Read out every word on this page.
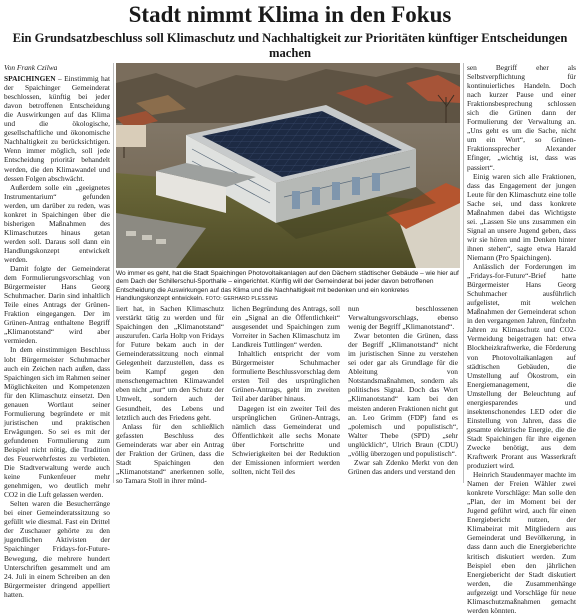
Stadt nimmt Klima in den Fokus
Ein Grundsatzbeschluss soll Klimaschutz und Nachhaltigkeit zur Prioritäten künftiger Entscheidungen machen
Von Frank Czilwa

SPAICHINGEN – Einstimmig hat der Spaichinger Gemeinderat beschlossen, künftig bei jeder davon betroffenen Entscheidung die Auswirkungen auf das Klima und die ökologische, gesellschaftliche und ökonomische Nachhaltigkeit zu berücksichtigen. Wenn immer möglich, soll jede Entscheidung prioritär behandelt werden, die den Klimawandel und dessen Folgen abschwächt.

Außerdem solle ein „geeignetes Instrumentarium“ gefunden werden, um darüber zu reden, was konkret in Spaichingen über die bisherigen Maßnahmen des Klimaschutzes hinaus getan werden soll. Daraus soll dann ein Handlungskonzept entwickelt werden.

Damit folgte der Gemeinderat dem Formulierungsvorschlag von Bürgermeister Hans Georg Schuhmacher. Darin sind inhaltlich Teile eines Antrags der Grünen-Fraktion eingegangen. Der im Grünen-Antrag enthaltene Begriff „Klimanotstand“ wird aber vermieden.

In dem einstimmigen Beschluss lobt Bürgermeister Schuhmacher auch ein Zeichen nach außen, dass Spaichingen sich im Rahmen seiner Möglichkeiten und Kompetenzen für den Klimaschutz einsetzt. Den genauen Wortlaut seiner Formulierung begründete er mit juristischen und praktischen Erwägungen. So sei es mit der gefundenen Formulierung zum Beispiel nicht nötig, die Tradition des Feuerwehrfestes zu verbieten. Die Stadtverwaltung werde auch keine Funkenfeuer mehr genehmigen, wo deutlich mehr CO2 in die Luft gelassen werden.

Selten waren die Besucherränge bei einer Gemeinderatssitzung so gefüllt wie diesmal. Fast ein Drittel der Zuschauer gehörte zu den jugendlichen Aktivisten der Spaichinger Fridays-for-Future-Bewegung, die mehrere hundert Unterschriften gesammelt und am 24. Juli in einem Schreiben an den Bürgermeister dringend appelliert hatten.

Wo immer es geht, hat die Stadt Spaichingen Photovoltaikanlagen auf den Dächern städtischer Gebäude – wie hier auf dem Dach der Schillerschul-Sporthalle – eingerichtet. Künftig will der Gemeinderat bei jeder davon betroffenen Entscheidung die Auswirkungen auf das Klima und die Nachhaltigkeit mit bedenken und ein konkretes Handlungskonzept entwickeln. FOTO: GERHARD PLESSING

liert hat, in Sachen Klimaschutz verstärkt tätig zu werden und für Spaichingen den „Klimanotstand“ auszurufen. Carla Holtp von Fridays for Future bekam auch in der Gemeinderatssitzung noch einmal Gelegenheit darzustellen, dass es beim Kampf gegen den menschengemachten Klimawandel eben nicht „nur“ um den Schutz der Umwelt, sondern auch der Gesundheit, des Lebens und letztlich auch des Friedens geht.

Anlass für den schließlich gefassten Beschluss des Gemeinderats war aber ein Antrag der Fraktion der Grünen, dass die Stadt Spaichingen den „Klimanotstand“ anerkennen solle, so Tamara Stoll in ihrer münd-

lichen Begründung des Antrags, soll ein „Signal an die Öffentlichkeit“ ausgesendet und Spaichingen zum Vorreiter in Sachen Klimaschutz im Landkreis Tuttlingen“ werden.

Inhaltlich entspricht der vom Bürgermeister Schuhmacher formulierte Beschlussvorschlag dem ersten Teil des ursprünglichen Grünen-Antrags, geht im zweiten Teil aber darüber hinaus.

Dagegen ist ein zweiter Teil des ursprünglichen Grünen-Antrags, nämlich dass Gemeinderat und Öffentlichkeit alle sechs Monate über Fortschritte und Schwierigkeiten bei der Reduktion der Emissionen informiert werden sollten, nicht Teil des

nun beschlossenen Verwaltungsvorschlags, ebenso wenig der Begriff „Klimanotstand“.

Zwar betonten die Grünen, dass der Begriff „Klimanotstand“ nicht im juristischen Sinne zu verstehen sei oder gar als Grundlage für die Ableitung von Notstandsmaßnahmen, sondern als politisches Signal. Doch das Wort „Klimanotstand“ kam bei den meisten anderen Fraktionen nicht gut an. Leo Grimm (FDP) fand es „polemisch und populistisch“, Walter Thebe (SPD) „sehr unglücklich“, Ulrich Braun (CDU) „völlig überzogen und populistisch“.

Zwar sah Zdenko Merkt von den Grünen das anders und verstand den

sen Begriff eher als Selbstverpflichtung für kontinuierliches Handeln. Doch nach kurzer Pause und einer Fraktionsbesprechung schlossen sich die Grünen dann der Formulierung der Verwaltung an. „Uns geht es um die Sache, nicht um ein Wort“, so Grünen-Fraktionssprecher Alexander Efinger, „wichtig ist, dass was passiert“.

Einig waren sich alle Fraktionen, dass das Engagement der jungen Leute für den Klimaschutz eine tolle Sache sei, und dass konkrete Maßnahmen dabei das Wichtigste sei. „Lassen Sie uns zusammen ein Signal an unsere Jugend geben, dass wir sie hören und im Denken hinter ihnen stehen“, sagte etwa Harald Niemann (Pro Spaichingen).

Anlässlich der Forderungen im „Fridays-for-Future“-Brief hatte Bürgermeister Hans Georg Schuhmacher ausführlich aufgelistet, mit welchen Maßnahmen der Gemeinderat schon in den vergangenen Jahren, fünfzehn Jahren zu Klimaschutz und CO2-Vermeidung beigetragen hat: etwa Blockheizkraftwerke, die Förderung von Photovoltaikanlagen auf städtischen Gebäuden, die Umstellung auf Ökostrom, ein Energiemanagement, die Umstellung der Beleuchtung auf energiesparendes und insektenschonendes LED oder die Einstellung von Jahren, dass die gesamte elektrische Energie, die die Stadt Spaichingen für ihre eigenen Zwecke benötigt, aus dem Kraftwerk Prorant aus Wasserkraft produziert wird.

Heinrich Staudenmayer machte im Namen der Freien Wähler zwei konkrete Vorschläge: Man solle den „Plan, der im Moment bei der Jugend geführt wird, auch für einen Energiebericht nutzen, der Klimabeirat mit Mitgliedern aus Gemeinderat und Bevölkerung, in dass dann auch die Energieberichte kritisch diskutiert werden. Zum Beispiel eben den jährlichen Energiebericht der Stadt diskutiert werden, die Zusammenhänge aufgezeigt und Vorschläge für neue Klimaschutzmaßnahmen gemacht werden könnten.
